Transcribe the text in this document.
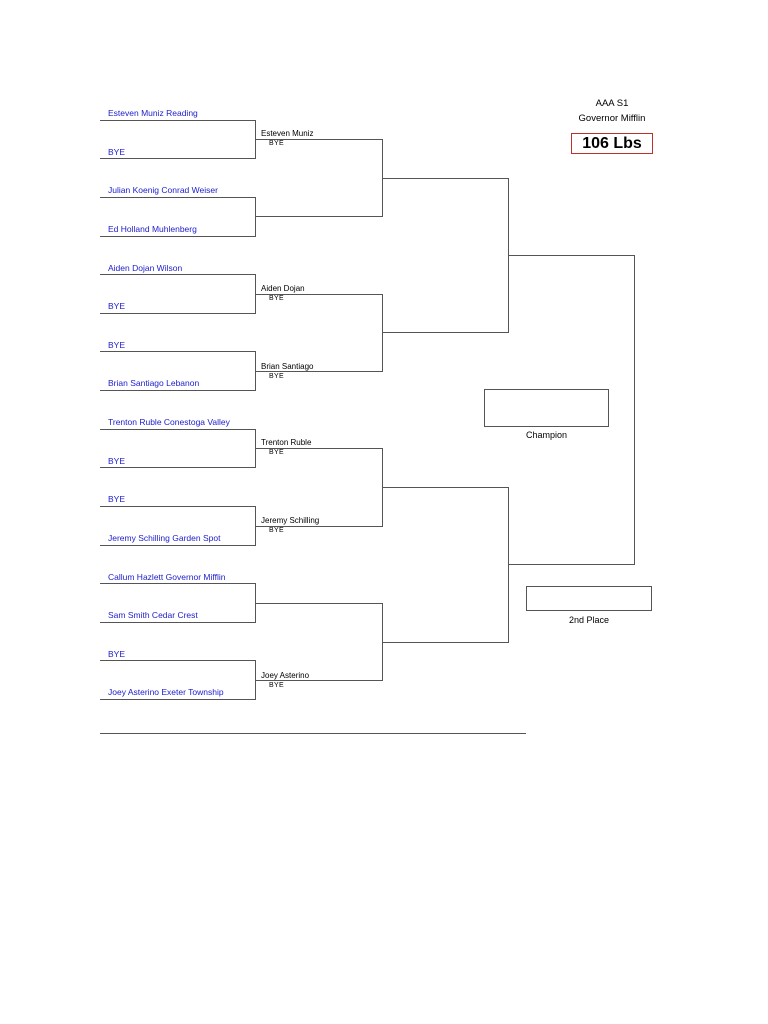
AAA S1
Governor Mifflin
106 Lbs
Esteven Muniz Reading
BYE
Julian Koenig Conrad Weiser
Ed Holland Muhlenberg
Aiden Dojan Wilson
BYE
BYE
Brian Santiago Lebanon
Trenton Ruble Conestoga Valley
BYE
BYE
Jeremy Schilling Garden Spot
Callum Hazlett Governor Mifflin
Sam Smith Cedar Crest
BYE
Joey Asterino Exeter Township
Esteven Muniz
BYE
Aiden Dojan
BYE
Brian Santiago
BYE
Trenton Ruble
BYE
Jeremy Schilling
BYE
Joey Asterino
BYE
Champion
2nd Place
